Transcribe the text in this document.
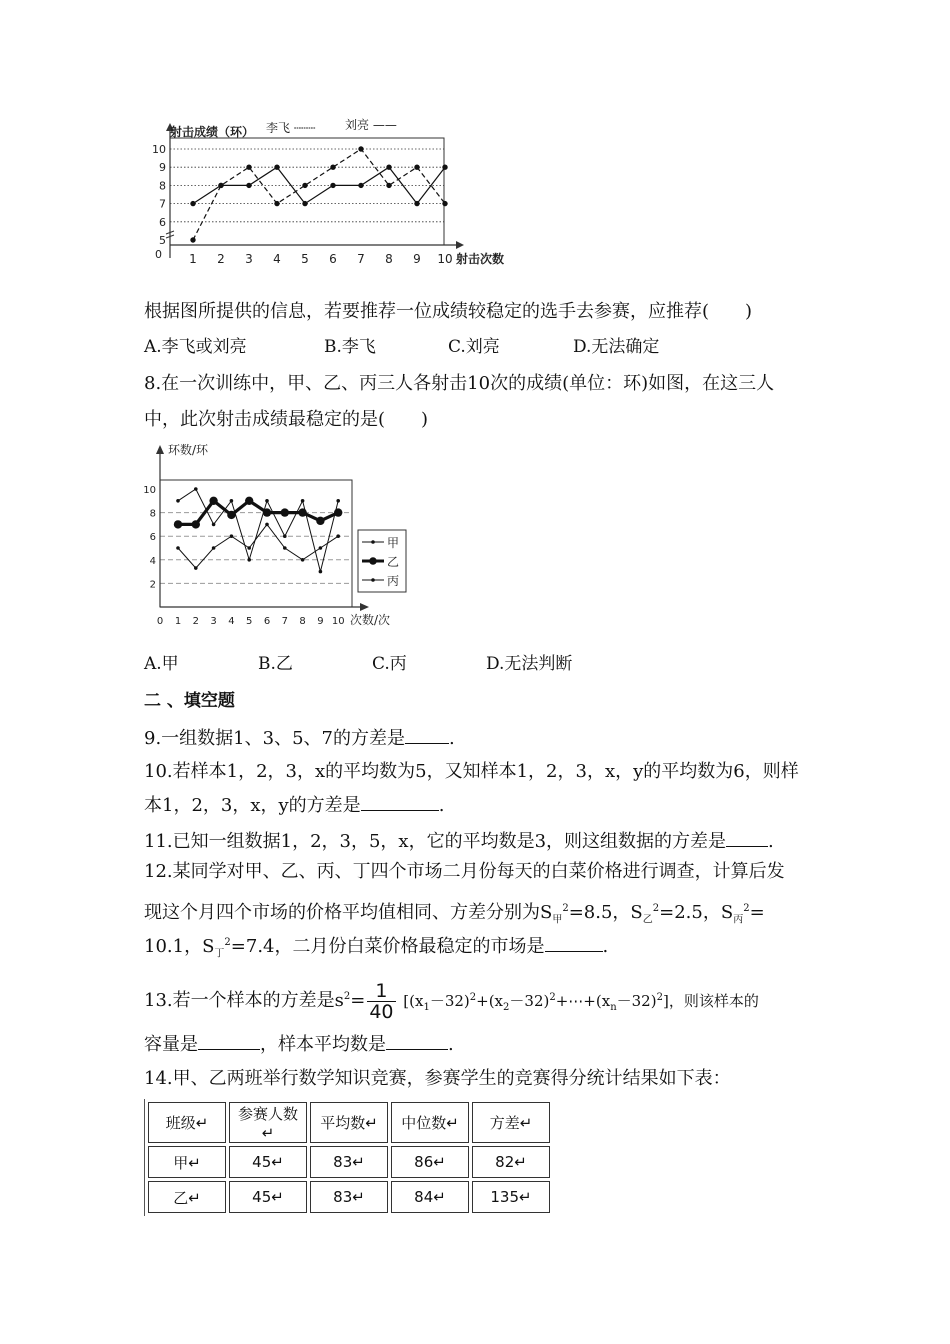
5
6
7
8
9
10
0 1 2 3 4 5 6 7 8 9 10 射击次数
射击成绩（环） 李飞 ┄┄┄ 刘亮 ——
根据图所提供的信息，若要推荐一位成绩较稳定的选手去参赛，应推荐(　　)
A.李飞或刘亮	B.李飞	C.刘亮	D.无法确定
8.在一次训练中，甲、乙、丙三人各射击10次的成绩(单位：环)如图，在这三人
中，此次射击成绩最稳定的是(　　)
2
4
6
8
10
0 1 2 3 4 5 6 7 8 9 10 次数/次
环数/环
甲
乙
丙
A.甲	B.乙	C.丙	D.无法判断
二 、填空题
9.一组数据1、3、5、7的方差是 .
10.若样本1，2，3，x的平均数为5，又知样本1，2，3，x，y的平均数为6，则样
本1，2，3，x，y的方差是	.
11.已知一组数据1，2，3，5，x，它的平均数是3，则这组数据的方差是 .
12.某同学对甲、乙、丙、丁四个市场二月份每天的白菜价格进行调查，计算后发
现这个月四个市场的价格平均值相同、方差分别为$S_甲^2=8.5$，$S_乙^2=2.5$，$S_丙^2=$
10.1，$S_丁^2=7.4$，二月份白菜价格最稳定的市场是	.
13.若一个样本的方差是$s^2= \frac{1}{40}$ $[(x_1-32)^2+(x_2-32)^2+\cdots+(x_n-32)^2]$，则该样本的
容量是	，样本平均数是	.
14.甲、乙两班举行数学知识竞赛，参赛学生的竞赛得分统计结果如下表：
班级↵	参赛人数↵	平均数↵	中位数↵	方差↵
甲↵	45↵	83↵	86↵	82↵
乙↵	45↵	83↵	84↵	135↵
